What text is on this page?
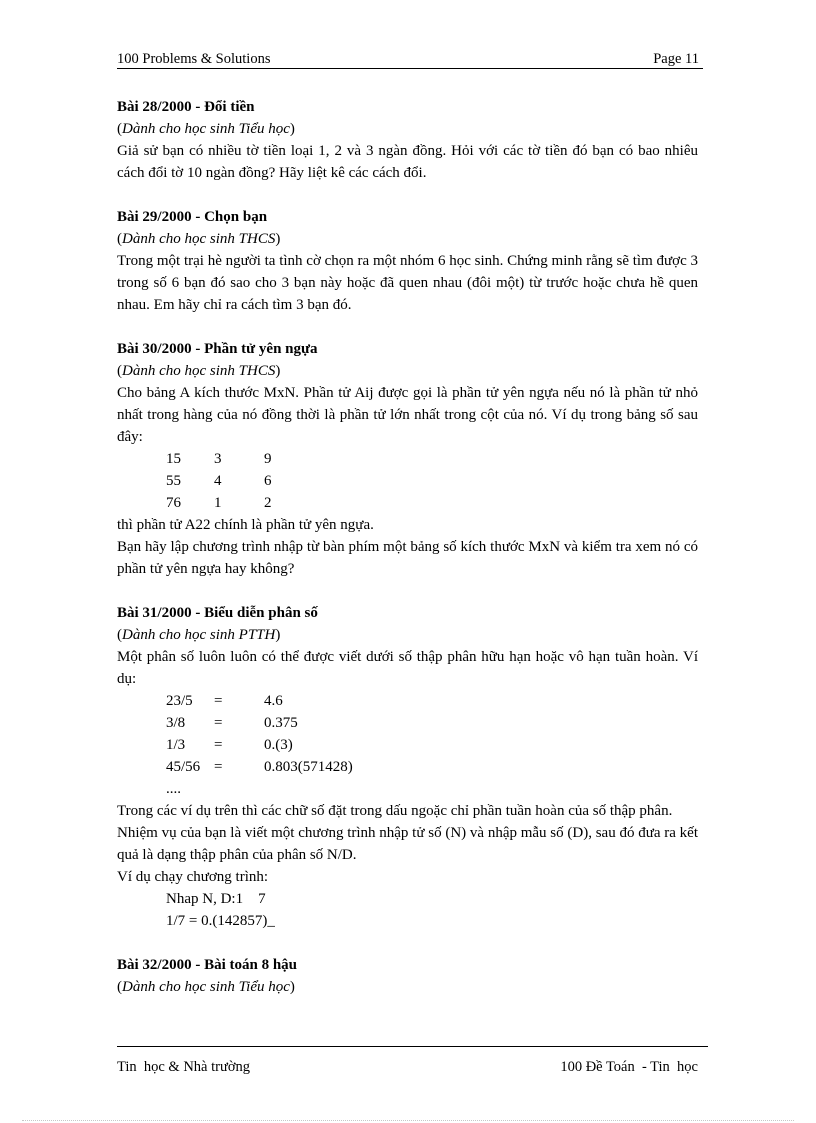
100 Problems & Solutions	Page 11
Bài 28/2000 - Đổi tiền
(Dành cho học sinh Tiểu học)
Giả sử bạn có nhiều tờ tiền loại 1, 2 và 3 ngàn đồng. Hỏi với các tờ tiền đó bạn có bao nhiêu cách đổi tờ 10 ngàn đồng? Hãy liệt kê các cách đổi.
Bài 29/2000 - Chọn bạn
(Dành cho học sinh THCS)
Trong một trại hè người ta tình cờ chọn ra một nhóm 6 học sinh. Chứng minh rằng sẽ tìm được 3 trong số 6 bạn đó sao cho 3 bạn này hoặc đã quen nhau (đôi một) từ trước hoặc chưa hề quen nhau. Em hãy chỉ ra cách tìm 3 bạn đó.
Bài 30/2000 - Phần tử yên ngựa
(Dành cho học sinh THCS)
Cho bảng A kích thước MxN. Phần tử Aij được gọi là phần tử yên ngựa nếu nó là phần tử nhỏ nhất trong hàng của nó đồng thời là phần tử lớn nhất trong cột của nó. Ví dụ trong bảng số sau đây:
15	3	9
55	4	6
76	1	2
thì phần tử A22 chính là phần tử yên ngựa.
Bạn hãy lập chương trình nhập từ bàn phím một bảng số kích thước MxN và kiểm tra xem nó có phần tử yên ngựa hay không?
Bài 31/2000 - Biểu diễn phân số
(Dành cho học sinh PTTH)
Một phân số luôn luôn có thể được viết dưới số thập phân hữu hạn hoặc vô hạn tuần hoàn. Ví dụ:
23/5	=	4.6
3/8	=	0.375
1/3	=	0.(3)
45/56 =	0.803(571428)
....
Trong các ví dụ trên thì các chữ số đặt trong dấu ngoặc chỉ phần tuần hoàn của số thập phân.
Nhiệm vụ của bạn là viết một chương trình nhập tử số (N) và nhập mẫu số (D), sau đó đưa ra kết quả là dạng thập phân của phân số N/D.
Ví dụ chạy chương trình:
Nhap N, D:1    7
1/7 = 0.(142857)_
Bài 32/2000 - Bài toán 8 hậu
(Dành cho học sinh Tiểu học)
Tin  học & Nhà trường	100 Đề Toán  - Tin  học
